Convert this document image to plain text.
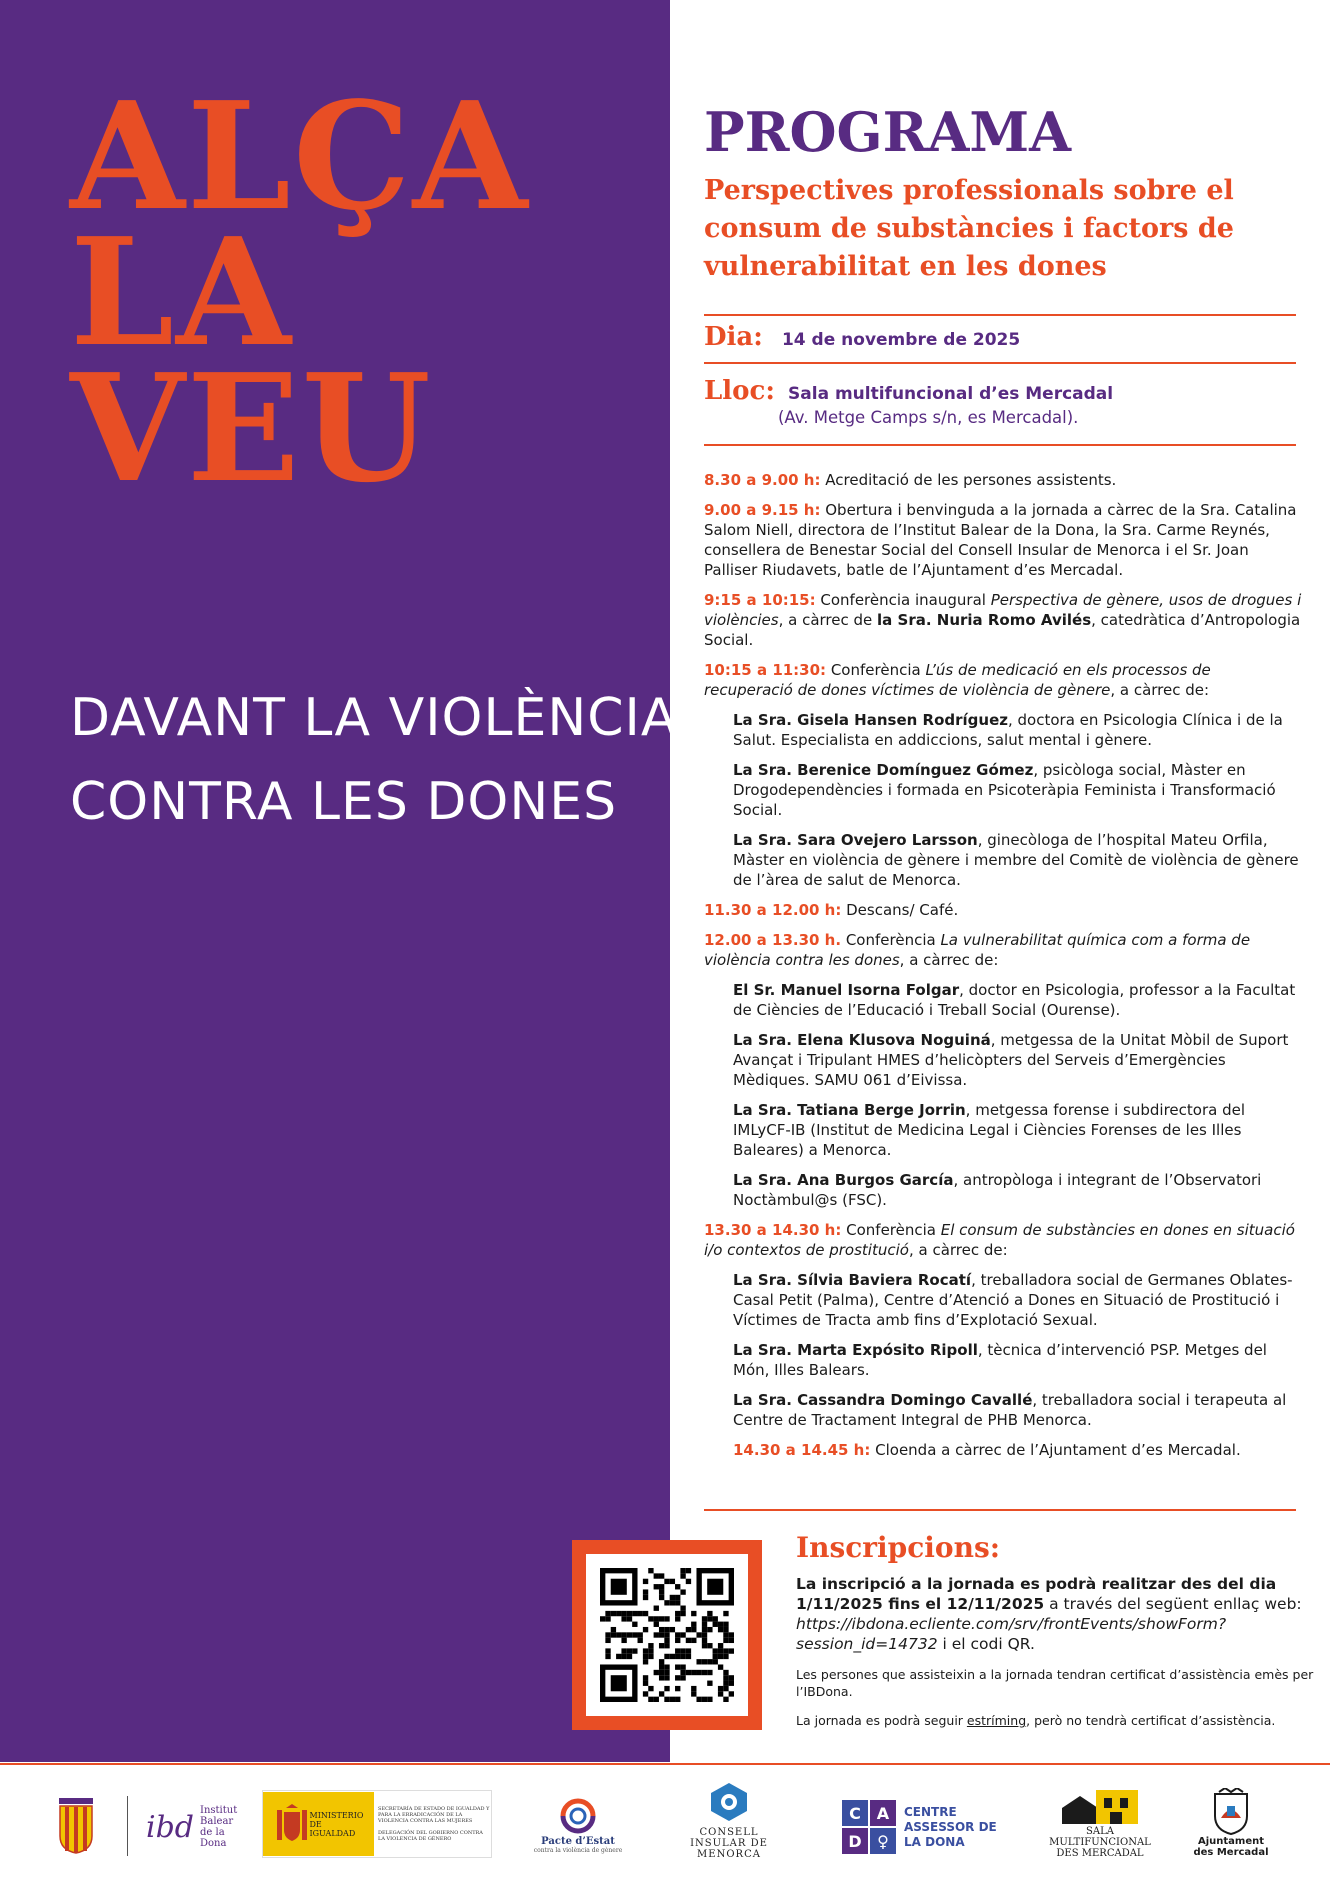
ALÇA
LA
VEU
DAVANT LA VIOLÈNCIA
CONTRA LES DONES
PROGRAMA
Perspectives professionals sobre el consum de substàncies i factors de vulnerabilitat en les dones
Dia: 14 de novembre de 2025
Lloc: Sala multifuncional d’es Mercadal
(Av. Metge Camps s/n, es Mercadal).

8.30 a 9.00 h: Acreditació de les persones assistents.

9.00 a 9.15 h: Obertura i benvinguda a la jornada a càrrec de la Sra. Catalina Salom Niell, directora de l’Institut Balear de la Dona, la Sra. Carme Reynés, consellera de Benestar Social del Consell Insular de Menorca i el Sr. Joan Palliser Riudavets, batle de l’Ajuntament d’es Mercadal.

9:15 a 10:15: Conferència inaugural Perspectiva de gènere, usos de drogues i violències, a càrrec de la Sra. Nuria Romo Avilés, catedràtica d’Antropologia Social.

10:15 a 11:30: Conferència L’ús de medicació en els processos de recuperació de dones víctimes de violència de gènere, a càrrec de:

La Sra. Gisela Hansen Rodríguez, doctora en Psicologia Clínica i de la Salut. Especialista en addiccions, salut mental i gènere.

La Sra. Berenice Domínguez Gómez, psicòloga social, Màster en Drogodependències i formada en Psicoteràpia Feminista i Transformació Social.

La Sra. Sara Ovejero Larsson, ginecòloga de l’hospital Mateu Orfila, Màster en violència de gènere i membre del Comitè de violència de gènere de l’àrea de salut de Menorca.

11.30 a 12.00 h: Descans/ Café.

12.00 a 13.30 h. Conferència La vulnerabilitat química com a forma de violència contra les dones, a càrrec de:

El Sr. Manuel Isorna Folgar, doctor en Psicologia, professor a la Facultat de Ciències de l’Educació i Treball Social (Ourense).

La Sra. Elena Klusova Noguiná, metgessa de la Unitat Mòbil de Suport Avançat i Tripulant HMES d’helicòpters del Serveis d’Emergències Mèdiques. SAMU 061 d’Eivissa.

La Sra. Tatiana Berge Jorrin, metgessa forense i subdirectora del IMLyCF-IB (Institut de Medicina Legal i Ciències Forenses de les Illes Baleares) a Menorca.

La Sra. Ana Burgos García, antropòloga i integrant de l’Observatori Noctàmbul@s (FSC).

13.30 a 14.30 h: Conferència El consum de substàncies en dones en situació i/o contextos de prostitució, a càrrec de:

La Sra. Sílvia Baviera Rocatí, treballadora social de Germanes Oblates-Casal Petit (Palma), Centre d’Atenció a Dones en Situació de Prostitució i Víctimes de Tracta amb fins d’Explotació Sexual.

La Sra. Marta Expósito Ripoll, tècnica d’intervenció PSP. Metges del Món, Illes Balears.

La Sra. Cassandra Domingo Cavallé, treballadora social i terapeuta al Centre de Tractament Integral de PHB Menorca.

14.30 a 14.45 h: Cloenda a càrrec de l’Ajuntament d’es Mercadal.

Inscripcions:

La inscripció a la jornada es podrà realitzar des del dia 1/11/2025 fins el 12/11/2025 a través del següent enllaç web: https://ibdona.ecliente.com/srv/frontEvents/showForm?session_id=14732 i el codi QR.

Les persones que assisteixin a la jornada tendran certificat d’assistència emès per l’IBDona.

La jornada es podrà seguir estríming, però no tendrà certificat d’assistència.

ibd Institut Balear de la Dona
MINISTERIO DE IGUALDAD
SECRETARÍA DE ESTADO DE IGUALDAD Y PARA LA ERRADICACIÓN DE LA VIOLENCIA CONTRA LAS MUJERES
DELEGACIÓN DEL GOBIERNO CONTRA LA VIOLENCIA DE GÉNERO	Pacte d’Estat
contra la violència de gènere
CONSELL INSULAR DE MENORCA
C A
D ♀
CENTRE ASSESSOR DE LA DONA
SALA MULTIFUNCIONAL DES MERCADAL
Ajuntament des Mercadal
